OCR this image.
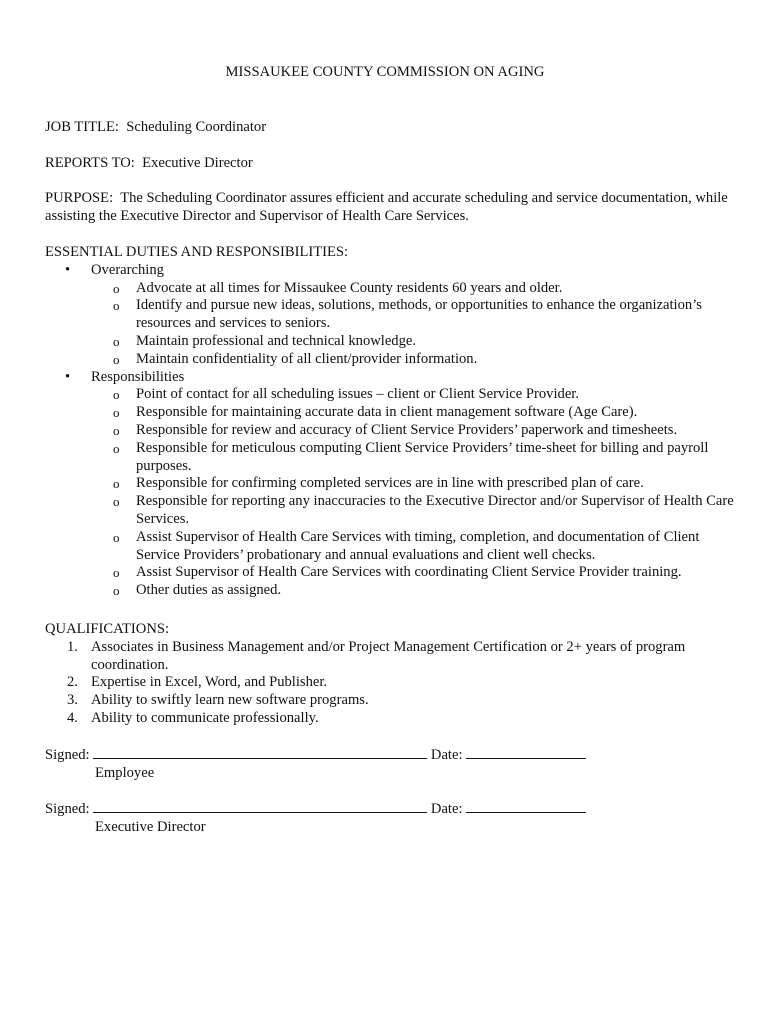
MISSAUKEE COUNTY COMMISSION ON AGING
JOB TITLE: Scheduling Coordinator
REPORTS TO: Executive Director
PURPOSE: The Scheduling Coordinator assures efficient and accurate scheduling and service documentation, while assisting the Executive Director and Supervisor of Health Care Services.
ESSENTIAL DUTIES AND RESPONSIBILITIES:
• Overarching
o Advocate at all times for Missaukee County residents 60 years and older.
o Identify and pursue new ideas, solutions, methods, or opportunities to enhance the organization’s resources and services to seniors.
o Maintain professional and technical knowledge.
o Maintain confidentiality of all client/provider information.
• Responsibilities
o Point of contact for all scheduling issues – client or Client Service Provider.
o Responsible for maintaining accurate data in client management software (Age Care).
o Responsible for review and accuracy of Client Service Providers’ paperwork and timesheets.
o Responsible for meticulous computing Client Service Providers’ time-sheet for billing and payroll purposes.
o Responsible for confirming completed services are in line with prescribed plan of care.
o Responsible for reporting any inaccuracies to the Executive Director and/or Supervisor of Health Care Services.
o Assist Supervisor of Health Care Services with timing, completion, and documentation of Client Service Providers’ probationary and annual evaluations and client well checks.
o Assist Supervisor of Health Care Services with coordinating Client Service Provider training.
o Other duties as assigned.
QUALIFICATIONS:
1. Associates in Business Management and/or Project Management Certification or 2+ years of program coordination.
2. Expertise in Excel, Word, and Publisher.
3. Ability to swiftly learn new software programs.
4. Ability to communicate professionally.
Signed:	Date:
Employee
Signed:	Date:
Executive Director
